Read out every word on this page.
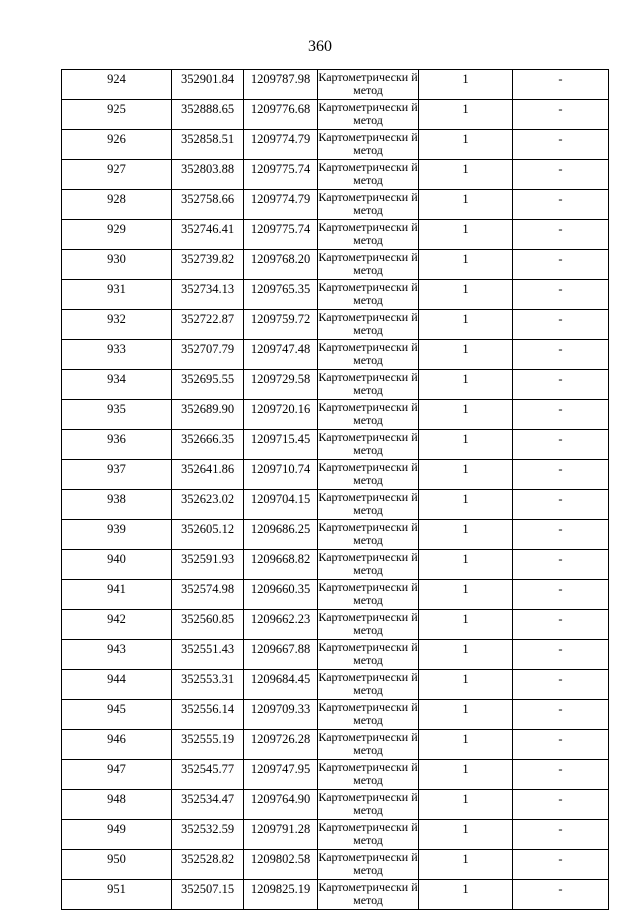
360
924	352901.84	1209787.98	Картометрически й метод	1	-
925	352888.65	1209776.68	Картометрически й метод	1	-
926	352858.51	1209774.79	Картометрически й метод	1	-
927	352803.88	1209775.74	Картометрически й метод	1	-
928	352758.66	1209774.79	Картометрически й метод	1	-
929	352746.41	1209775.74	Картометрически й метод	1	-
930	352739.82	1209768.20	Картометрически й метод	1	-
931	352734.13	1209765.35	Картометрически й метод	1	-
932	352722.87	1209759.72	Картометрически й метод	1	-
933	352707.79	1209747.48	Картометрически й метод	1	-
934	352695.55	1209729.58	Картометрически й метод	1	-
935	352689.90	1209720.16	Картометрически й метод	1	-
936	352666.35	1209715.45	Картометрически й метод	1	-
937	352641.86	1209710.74	Картометрически й метод	1	-
938	352623.02	1209704.15	Картометрически й метод	1	-
939	352605.12	1209686.25	Картометрически й метод	1	-
940	352591.93	1209668.82	Картометрически й метод	1	-
941	352574.98	1209660.35	Картометрически й метод	1	-
942	352560.85	1209662.23	Картометрически й метод	1	-
943	352551.43	1209667.88	Картометрически й метод	1	-
944	352553.31	1209684.45	Картометрически й метод	1	-
945	352556.14	1209709.33	Картометрически й метод	1	-
946	352555.19	1209726.28	Картометрически й метод	1	-
947	352545.77	1209747.95	Картометрически й метод	1	-
948	352534.47	1209764.90	Картометрически й метод	1	-
949	352532.59	1209791.28	Картометрически й метод	1	-
950	352528.82	1209802.58	Картометрически й метод	1	-
951	352507.15	1209825.19	Картометрически й метод	1	-
